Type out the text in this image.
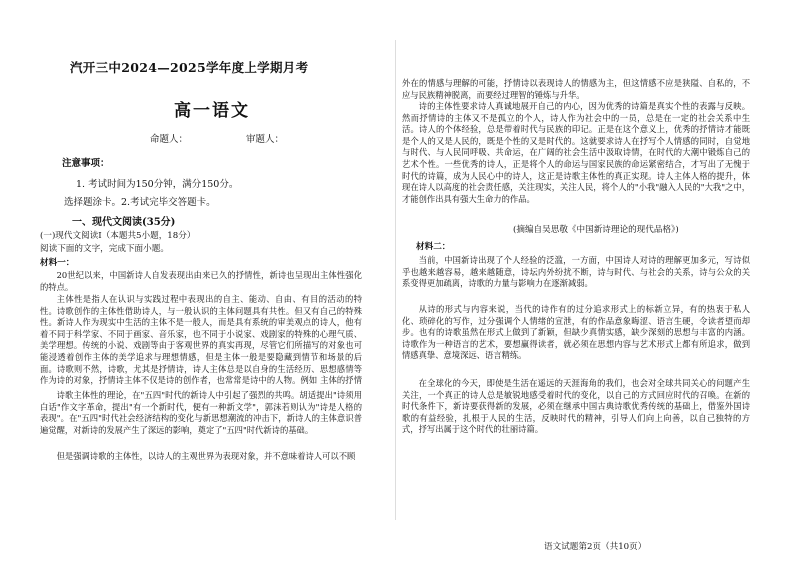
汽开三中2024—2025学年度上学期月考
高一语文
命题人：	审题人：
注意事项：
1. 考试时间为150分钟，满分150分。
选择题涂卡。2.考试完毕交答题卡。
一、现代文阅读(35分)
(一)现代文阅读Ⅰ（本题共5小题，18分）
阅读下面的文字，完成下面小题。
材料一：
20世纪以来，中国新诗人自发表现出由来已久的抒情性，新诗也呈现出主体性强化的特点。
主体性是指人在认识与实践过程中表现出的自主、能动、自由、有目的活动的特性。诗歌创作的主体性借助诗人，与一般认识的主体问题具有共性。但又有自己的特殊性。新诗人作为现实中生活的主体不是一般人，而是具有系统的审美观点的诗人，他有着不同于科学家、不同于画家、音乐家，也不同于小说家、戏剧家的特殊的心理气质、美学理想。传统的小说、戏剧等由于客观世界的真实再现，尽管它们所描写的对象也可能浸透着创作主体的美学追求与理想情感，但是主体一般是要隐藏到情节和场景的后面。诗歌则不然，诗歌，尤其是抒情诗，诗人主体总是以自身的生活经历、思想感情等作为诗的对象，抒情诗主体不仅是诗的创作者，也常常是诗中的人物。例如 主体的抒情
诗歌主体性的理论，在"五四"时代的新诗人中引起了强烈的共鸣。胡适提出"诗须用白话"作文字革命，提出"有一个新时代，便有一种新文学"，郭沫若则认为"诗是人格的表现"。在"五四"时代社会经济结构的变化与新思想潮流的冲击下，新诗人的主体意识普遍觉醒，对新诗的发展产生了深远的影响，奠定了"五四"时代新诗的基础。
但是强调诗歌的主体性，以诗人的主观世界为表现对象，并不意味着诗人可以不顾
外在的情感与理解的可能，抒情诗以表现诗人的情感为主，但这情感不应是狭隘、自私的，不应与民族精神脱离，而要经过理智的锤炼与升华。
诗的主体性要求诗人真诚地展开自己的内心，因为优秀的诗篇是真实个性的表露与反映。然而抒情诗的主体又不是孤立的个人，诗人作为社会中的一员，总是在一定的社会关系中生活。诗人的个体经验，总是带着时代与民族的印记。正是在这个意义上，优秀的抒情诗才能既是个人的又是人民的，既是个性的又是时代的。这就要求诗人在抒写个人情感的同时，自觉地与时代、与人民同呼吸、共命运，在广阔的社会生活中汲取诗情，在时代的大潮中锻炼自己的艺术个性。一些优秀的诗人，正是将个人的命运与国家民族的命运紧密结合，才写出了无愧于时代的诗篇，成为人民心中的诗人，这正是诗歌主体性的真正实现。诗人主体人格的提升，体现在诗人以高度的社会责任感，关注现实，关注人民，将个人的"小我"融入人民的"大我"之中，才能创作出具有强大生命力的作品。
(摘编自吴思敬《中国新诗理论的现代品格》)
材料二：
当前，中国新诗出现了个人经验的泛滥，一方面，中国诗人对诗的理解更加多元，写诗似乎也越来越容易，越来越随意，诗坛内外纷扰不断，诗与时代、与社会的关系，诗与公众的关系变得更加疏离，诗歌的力量与影响力在逐渐减弱。
从诗的形式与内容来说，当代的诗作有的过分追求形式上的标新立异，有的热衷于私人化、琐碎化的写作，过分强调个人情绪的宣泄，有的作品意象晦涩、语言生硬，令读者望而却步。也有的诗歌虽然在形式上做到了新颖，但缺少真情实感，缺少深刻的思想与丰富的内涵。诗歌作为一种语言的艺术，要想赢得读者，就必须在思想内容与艺术形式上都有所追求，做到情感真挚、意境深远、语言精练。
在全球化的今天，即使是生活在遥远的天涯海角的我们，也会对全球共同关心的问题产生关注，一个真正的诗人总是敏锐地感受着时代的变化，以自己的方式回应时代的召唤。在新的时代条件下，新诗要获得新的发展，必须在继承中国古典诗歌优秀传统的基础上，借鉴外国诗歌的有益经验，扎根于人民的生活，反映时代的精神，引导人们向上向善，以自己独特的方式，抒写出属于这个时代的壮丽诗篇。
语文试题第2页（共10页）
